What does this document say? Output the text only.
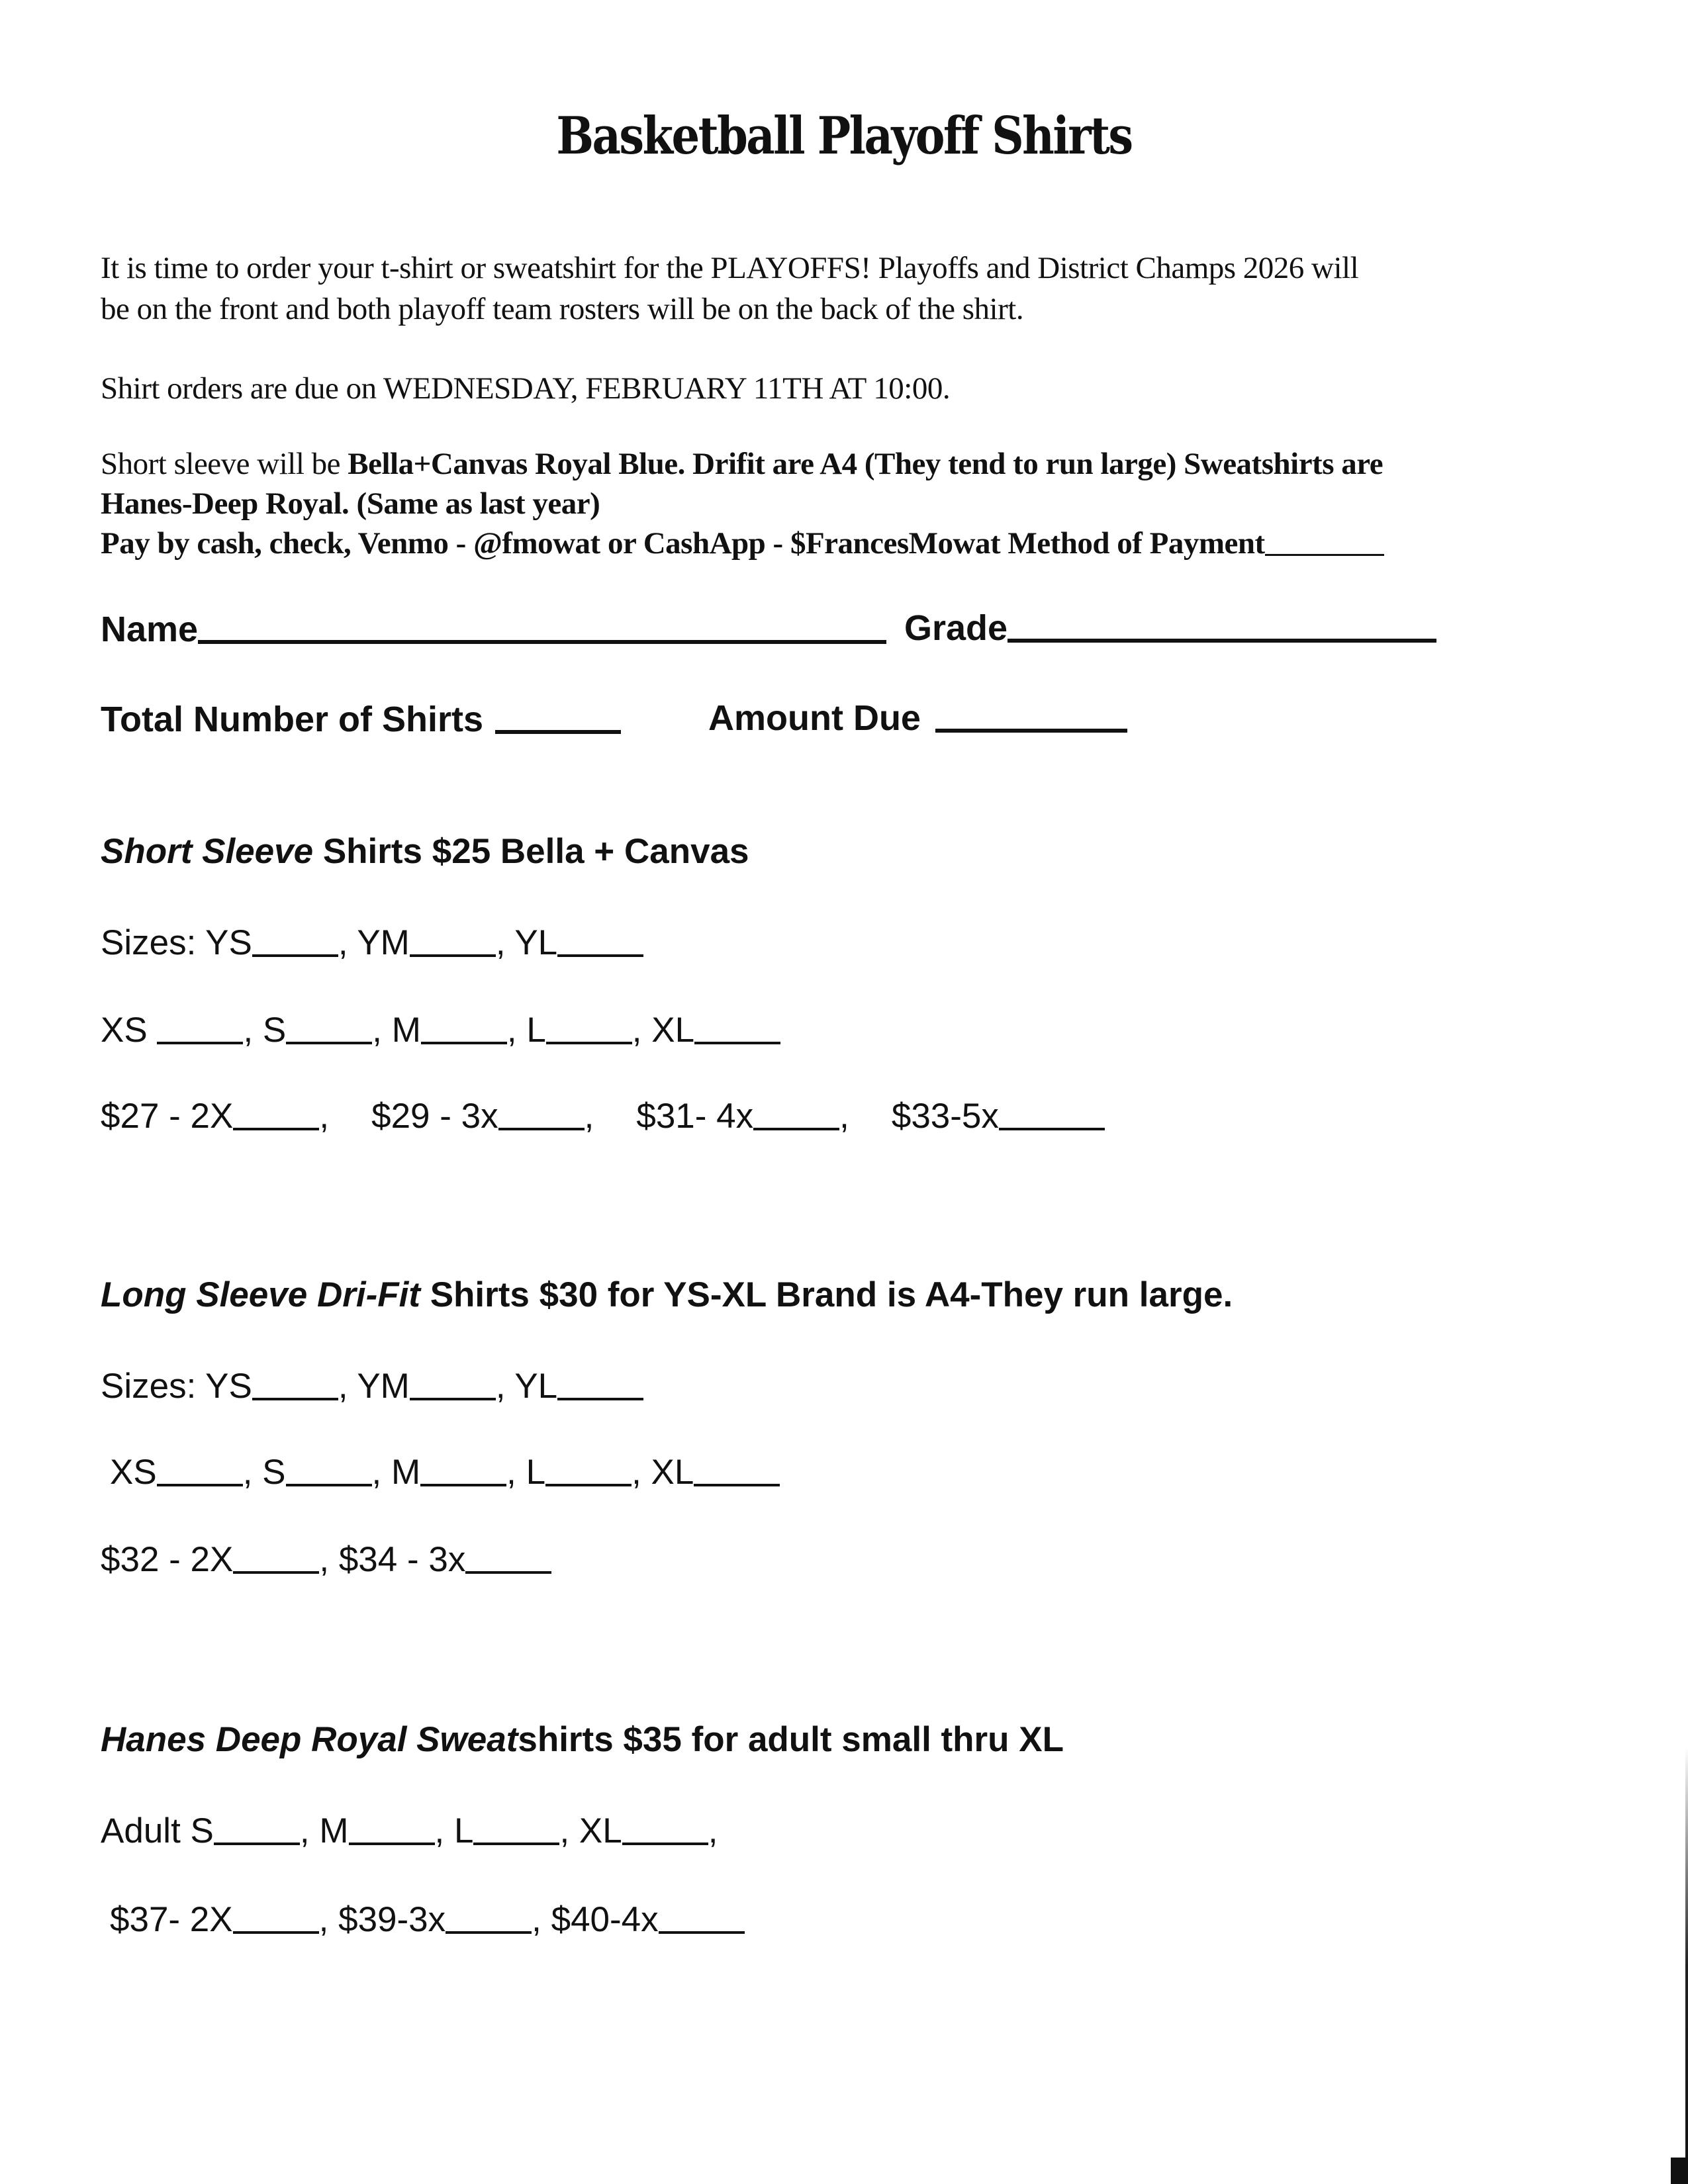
Basketball Playoff Shirts
It is time to order your t-shirt or sweatshirt for the PLAYOFFS! Playoffs and District Champs 2026 will
be on the front and both playoff team rosters will be on the back of the shirt.
Shirt orders are due on WEDNESDAY, FEBRUARY 11TH AT 10:00.
Short sleeve will be Bella+Canvas Royal Blue. Drifit are A4 (They tend to run large) Sweatshirts are
Hanes-Deep Royal. (Same as last year)
Pay by cash, check, Venmo - @fmowat or CashApp - $FrancesMowat Method of Payment
Name	Grade
Total Number of Shirts	Amount Due
Short Sleeve Shirts $25 Bella + Canvas
Sizes: YS , YM , YL
XS , S , M , L , XL
$27 - 2X , $29 - 3x , $31- 4x , $33-5x
Long Sleeve Dri-Fit Shirts $30 for YS-XL Brand is A4-They run large.
Sizes: YS , YM , YL
XS , S , M , L , XL
$32 - 2X , $34 - 3x
Hanes Deep Royal Sweatshirts $35 for adult small thru XL
Adult S , M , L , XL ,
$37- 2X , $39-3x , $40-4x
